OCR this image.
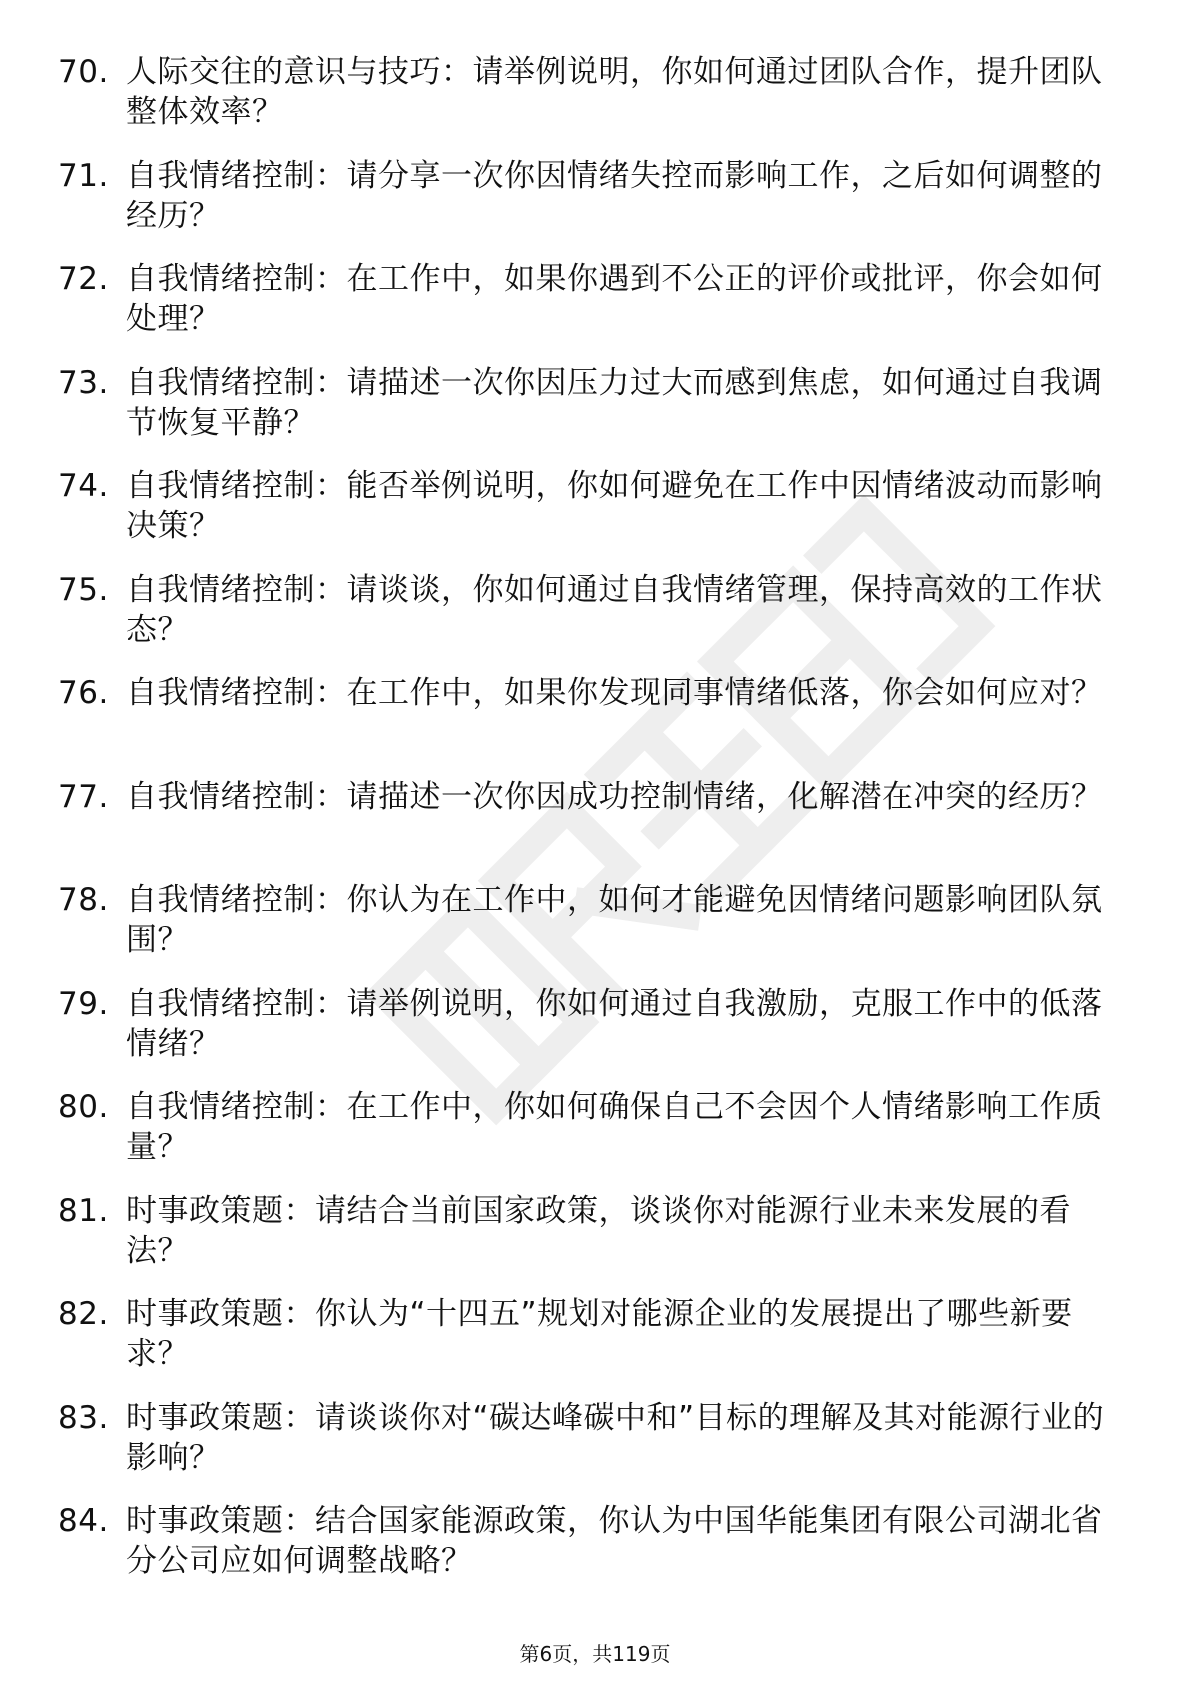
70. 人际交往的意识与技巧：请举例说明，你如何通过团队合作，提升团队整体效率？
71. 自我情绪控制：请分享一次你因情绪失控而影响工作，之后如何调整的经历？
72. 自我情绪控制：在工作中，如果你遇到不公正的评价或批评，你会如何处理？
73. 自我情绪控制：请描述一次你因压力过大而感到焦虑，如何通过自我调节恢复平静？
74. 自我情绪控制：能否举例说明，你如何避免在工作中因情绪波动而影响决策？
75. 自我情绪控制：请谈谈，你如何通过自我情绪管理，保持高效的工作状态？
76. 自我情绪控制：在工作中，如果你发现同事情绪低落，你会如何应对？
77. 自我情绪控制：请描述一次你因成功控制情绪，化解潜在冲突的经历？
78. 自我情绪控制：你认为在工作中，如何才能避免因情绪问题影响团队氛围？
79. 自我情绪控制：请举例说明，你如何通过自我激励，克服工作中的低落情绪？
80. 自我情绪控制：在工作中，你如何确保自己不会因个人情绪影响工作质量？
81. 时事政策题：请结合当前国家政策，谈谈你对能源行业未来发展的看法？
82. 时事政策题：你认为“十四五”规划对能源企业的发展提出了哪些新要求？
83. 时事政策题：请谈谈你对“碳达峰碳中和”目标的理解及其对能源行业的影响？
84. 时事政策题：结合国家能源政策，你认为中国华能集团有限公司湖北省分公司应如何调整战略？
第6页，共119页
